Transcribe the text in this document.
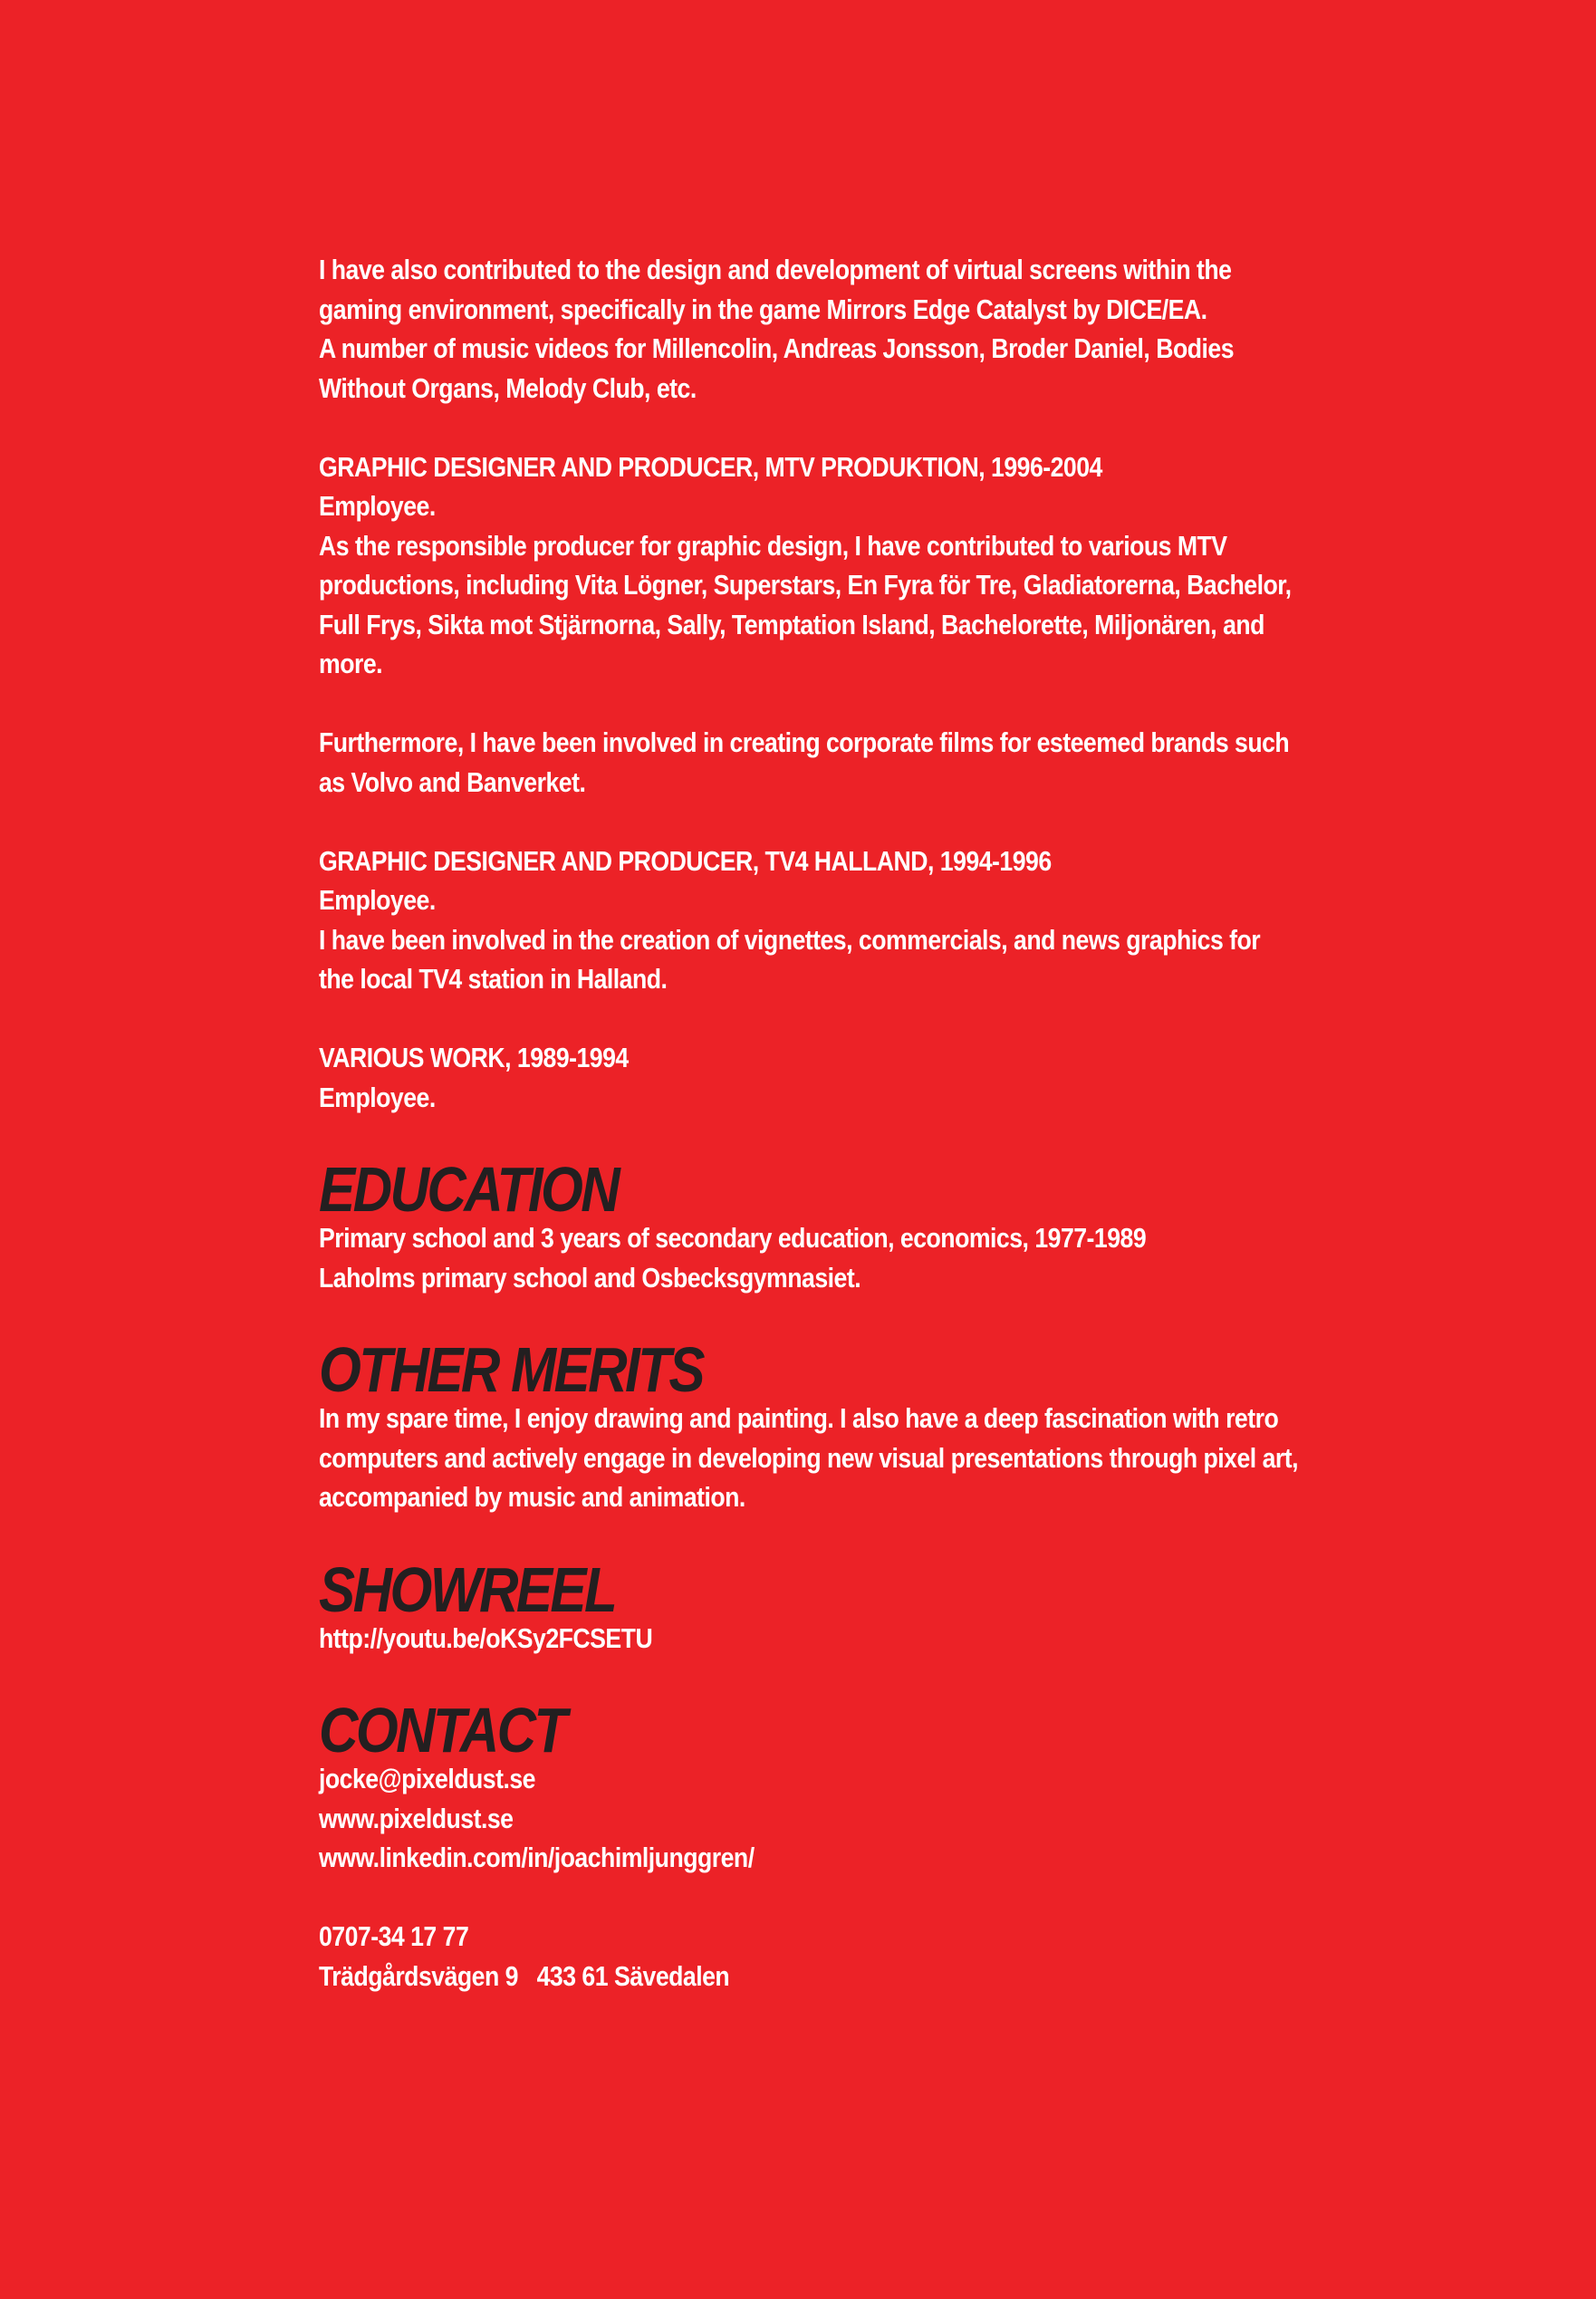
I have also contributed to the design and development of virtual screens within the
gaming environment, specifically in the game Mirrors Edge Catalyst by DICE/EA.
A number of music videos for Millencolin, Andreas Jonsson, Broder Daniel, Bodies
Without Organs, Melody Club, etc.
GRAPHIC DESIGNER AND PRODUCER, MTV PRODUKTION, 1996-2004
Employee.
As the responsible producer for graphic design, I have contributed to various MTV
productions, including Vita Lögner, Superstars, En Fyra för Tre, Gladiatorerna, Bachelor,
Full Frys, Sikta mot Stjärnorna, Sally, Temptation Island, Bachelorette, Miljonären, and
more.
Furthermore, I have been involved in creating corporate films for esteemed brands such
as Volvo and Banverket.
GRAPHIC DESIGNER AND PRODUCER, TV4 HALLAND, 1994-1996
Employee.
I have been involved in the creation of vignettes, commercials, and news graphics for
the local TV4 station in Halland.
VARIOUS WORK, 1989-1994
Employee.
EDUCATION
Primary school and 3 years of secondary education, economics, 1977-1989
Laholms primary school and Osbecksgymnasiet.
OTHER MERITS
In my spare time, I enjoy drawing and painting. I also have a deep fascination with retro
computers and actively engage in developing new visual presentations through pixel art,
accompanied by music and animation.
SHOWREEL
http://youtu.be/oKSy2FCSETU
CONTACT
jocke@pixeldust.se
www.pixeldust.se
www.linkedin.com/in/joachimljunggren/
0707-34 17 77
Trädgårdsvägen 9   433 61 Sävedalen
